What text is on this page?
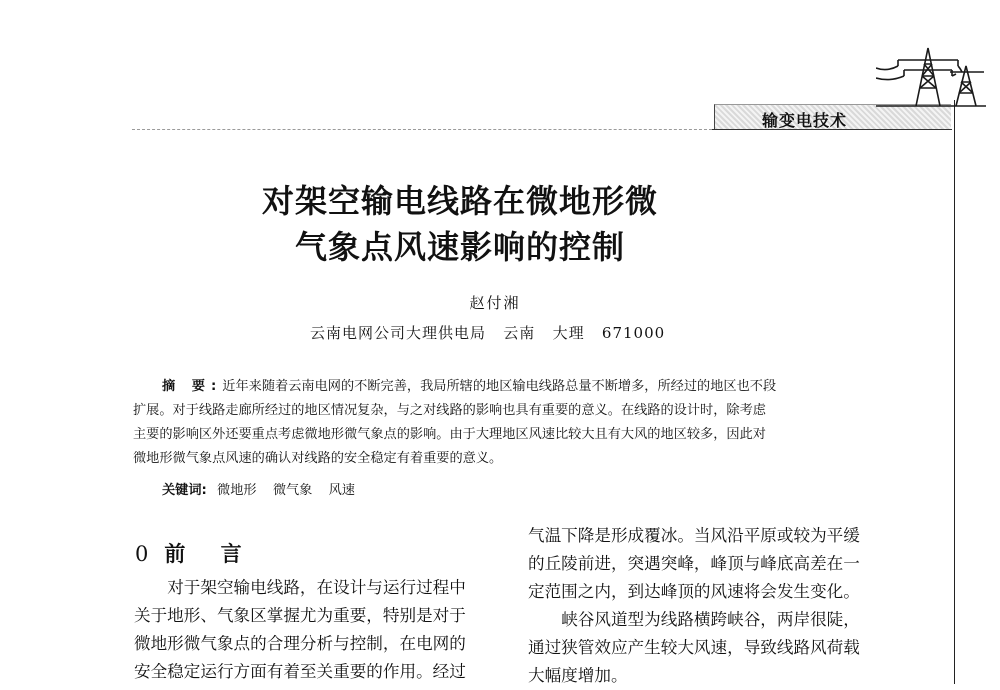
输变电技术
对架空输电线路在微地形微
气象点风速影响的控制
赵付湘
云南电网公司大理供电局   云南   大理   671000

摘 要:近年来随着云南电网的不断完善，我局所辖的地区输电线路总量不断增多，所经过的地区也不段

扩展。对于线路走廊所经过的地区情况复杂，与之对线路的影响也具有重要的意义。在线路的设计时，除考虑

主要的影响区外还要重点考虑微地形微气象点的影响。由于大理地区风速比较大且有大风的地区较多，因此对

微地形微气象点风速的确认对线路的安全稳定有着重要的意义。

关键词: 微地形 微气象 风速
0 前 言
对于架空输电线路，在设计与运行过程中
关于地形、气象区掌握尤为重要，特别是对于
微地形微气象点的合理分析与控制，在电网的
安全稳定运行方面有着至关重要的作用。经过
气温下降是形成覆冰。当风沿平原或较为平缓
的丘陵前进，突遇突峰，峰顶与峰底高差在一
定范围之内，到达峰顶的风速将会发生变化。
峡谷风道型为线路横跨峡谷，两岸很陡，
通过狭管效应产生较大风速，导致线路风荷载
大幅度增加。
